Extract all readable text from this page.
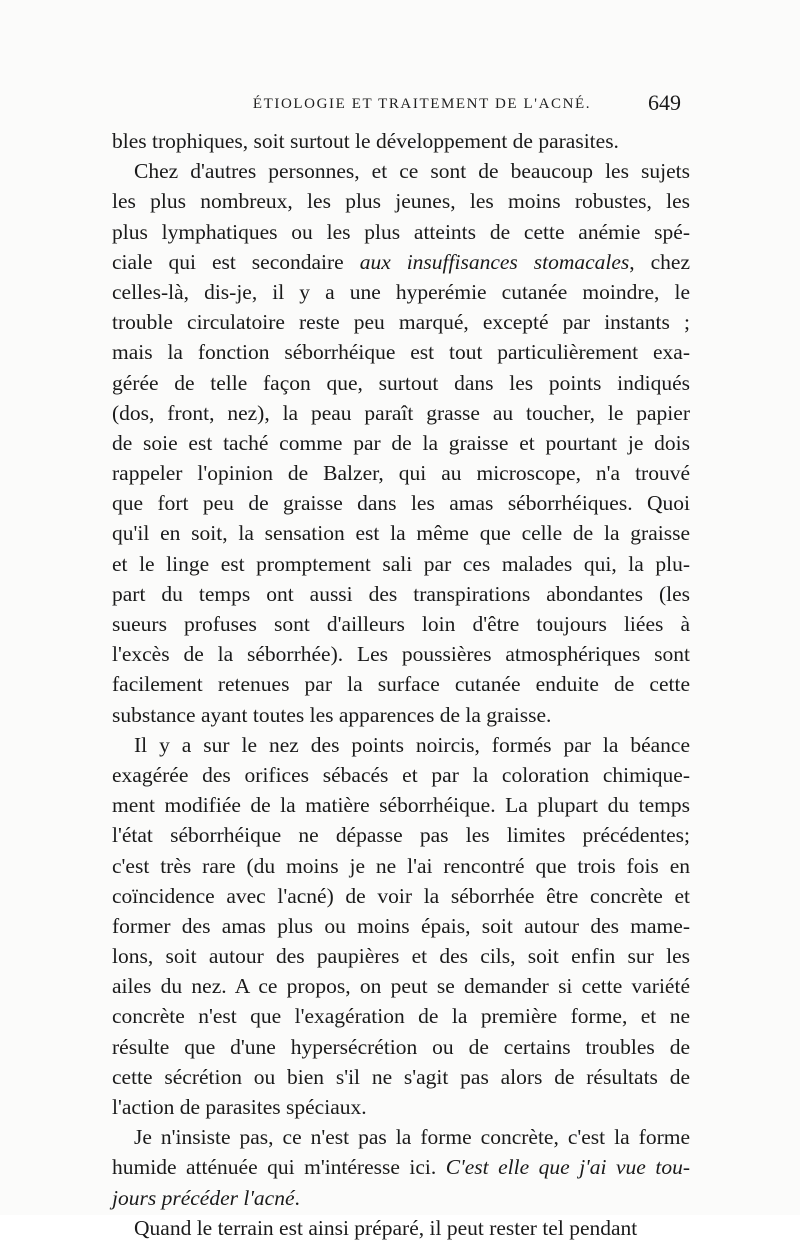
ÉTIOLOGIE ET TRAITEMENT DE L'ACNÉ.	649
bles trophiques, soit surtout le développement de parasites.
Chez d'autres personnes, et ce sont de beaucoup les sujets
les plus nombreux, les plus jeunes, les moins robustes, les
plus lymphatiques ou les plus atteints de cette anémie spé-
ciale qui est secondaire aux insuffisances stomacales, chez
celles-là, dis-je, il y a une hyperémie cutanée moindre, le
trouble circulatoire reste peu marqué, excepté par instants ;
mais la fonction séborrhéique est tout particulièrement exa-
gérée de telle façon que, surtout dans les points indiqués
(dos, front, nez), la peau paraît grasse au toucher, le papier
de soie est taché comme par de la graisse et pourtant je dois
rappeler l'opinion de Balzer, qui au microscope, n'a trouvé
que fort peu de graisse dans les amas séborrhéiques. Quoi
qu'il en soit, la sensation est la même que celle de la graisse
et le linge est promptement sali par ces malades qui, la plu-
part du temps ont aussi des transpirations abondantes (les
sueurs profuses sont d'ailleurs loin d'être toujours liées à
l'excès de la séborrhée). Les poussières atmosphériques sont
facilement retenues par la surface cutanée enduite de cette
substance ayant toutes les apparences de la graisse.
Il y a sur le nez des points noircis, formés par la béance
exagérée des orifices sébacés et par la coloration chimique-
ment modifiée de la matière séborrhéique. La plupart du temps
l'état séborrhéique ne dépasse pas les limites précédentes;
c'est très rare (du moins je ne l'ai rencontré que trois fois en
coïncidence avec l'acné) de voir la séborrhée être concrète et
former des amas plus ou moins épais, soit autour des mame-
lons, soit autour des paupières et des cils, soit enfin sur les
ailes du nez. A ce propos, on peut se demander si cette variété
concrète n'est que l'exagération de la première forme, et ne
résulte que d'une hypersécrétion ou de certains troubles de
cette sécrétion ou bien s'il ne s'agit pas alors de résultats de
l'action de parasites spéciaux.
Je n'insiste pas, ce n'est pas la forme concrète, c'est la forme
humide atténuée qui m'intéresse ici. C'est elle que j'ai vue tou-
jours précéder l'acné.
Quand le terrain est ainsi préparé, il peut rester tel pendant
